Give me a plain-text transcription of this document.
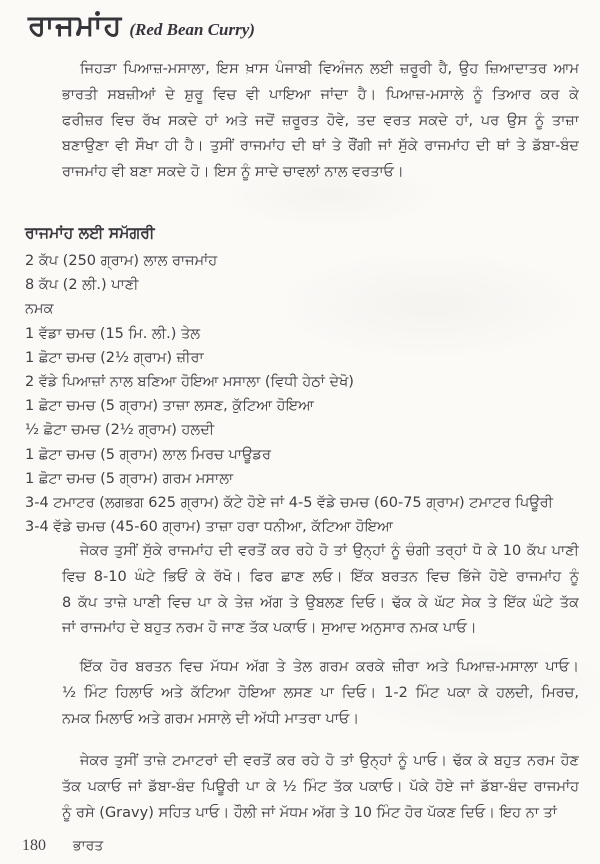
ਰਾਜਮਾਂਹ (Red Bean Curry)
ਜਿਹੜਾ ਪਿਆਜ਼-ਮਸਾਲਾ, ਇਸ ਖ਼ਾਸ ਪੰਜਾਬੀ ਵਿਅੰਜਨ ਲਈ ਜ਼ਰੂਰੀ ਹੈ, ਉਹ ਜ਼ਿਆਦਾਤਰ ਆਮ
ਭਾਰਤੀ ਸਬਜ਼ੀਆਂ ਦੇ ਸ਼ੁਰੂ ਵਿਚ ਵੀ ਪਾਇਆ ਜਾਂਦਾ ਹੈ। ਪਿਆਜ਼-ਮਸਾਲੇ ਨੂੰ ਤਿਆਰ ਕਰ ਕੇ
ਫਰੀਜ਼ਰ ਵਿਚ ਰੱਖ ਸਕਦੇ ਹਾਂ ਅਤੇ ਜਦੋਂ ਜ਼ਰੂਰਤ ਹੋਵੇ, ਤਦ ਵਰਤ ਸਕਦੇ ਹਾਂ, ਪਰ ਉਸ ਨੂੰ ਤਾਜ਼ਾ
ਬਣਾਉਣਾ ਵੀ ਸੌਖਾ ਹੀ ਹੈ। ਤੁਸੀਂ ਰਾਜਮਾਂਹ ਦੀ ਥਾਂ ਤੇ ਰੌਂਗੀ ਜਾਂ ਸੁੱਕੇ ਰਾਜਮਾਂਹ ਦੀ ਥਾਂ ਤੇ ਡੱਬਾ-ਬੰਦ
ਰਾਜਮਾਂਹ ਵੀ ਬਣਾ ਸਕਦੇ ਹੋ। ਇਸ ਨੂੰ ਸਾਦੇ ਚਾਵਲਾਂ ਨਾਲ ਵਰਤਾਓ।
ਰਾਜਮਾਂਹ ਲਈ ਸਮੱਗਰੀ
2 ਕੱਪ (250 ਗ੍ਰਾਮ) ਲਾਲ ਰਾਜਮਾਂਹ
8 ਕੱਪ (2 ਲੀ.) ਪਾਣੀ
ਨਮਕ
1 ਵੱਡਾ ਚਮਚ (15 ਮਿ. ਲੀ.) ਤੇਲ
1 ਛੋਟਾ ਚਮਚ (2½ ਗ੍ਰਾਮ) ਜ਼ੀਰਾ
2 ਵੱਡੇ ਪਿਆਜ਼ਾਂ ਨਾਲ ਬਣਿਆ ਹੋਇਆ ਮਸਾਲਾ (ਵਿਧੀ ਹੇਠਾਂ ਦੇਖੋ)
1 ਛੋਟਾ ਚਮਚ (5 ਗ੍ਰਾਮ) ਤਾਜ਼ਾ ਲਸਣ, ਕੁੱਟਿਆ ਹੋਇਆ
½ ਛੋਟਾ ਚਮਚ (2½ ਗ੍ਰਾਮ) ਹਲਦੀ
1 ਛੋਟਾ ਚਮਚ (5 ਗ੍ਰਾਮ) ਲਾਲ ਮਿਰਚ ਪਾਊਡਰ
1 ਛੋਟਾ ਚਮਚ (5 ਗ੍ਰਾਮ) ਗਰਮ ਮਸਾਲਾ
3-4 ਟਮਾਟਰ (ਲਗਭਗ 625 ਗ੍ਰਾਮ) ਕੱਟੇ ਹੋਏ ਜਾਂ 4-5 ਵੱਡੇ ਚਮਚ (60-75 ਗ੍ਰਾਮ) ਟਮਾਟਰ ਪਿਊਰੀ
3-4 ਵੱਡੇ ਚਮਚ (45-60 ਗ੍ਰਾਮ) ਤਾਜ਼ਾ ਹਰਾ ਧਨੀਆ, ਕੱਟਿਆ ਹੋਇਆ
ਜੇਕਰ ਤੁਸੀਂ ਸੁੱਕੇ ਰਾਜਮਾਂਹ ਦੀ ਵਰਤੋਂ ਕਰ ਰਹੇ ਹੋ ਤਾਂ ਉਨ੍ਹਾਂ ਨੂੰ ਚੰਗੀ ਤਰ੍ਹਾਂ ਧੋ ਕੇ 10 ਕੱਪ ਪਾਣੀ
ਵਿਚ 8-10 ਘੰਟੇ ਭਿਓਂ ਕੇ ਰੱਖੋ। ਫਿਰ ਛਾਣ ਲਓ। ਇੱਕ ਬਰਤਨ ਵਿਚ ਭਿੱਜੇ ਹੋਏ ਰਾਜਮਾਂਹ ਨੂੰ
8 ਕੱਪ ਤਾਜ਼ੇ ਪਾਣੀ ਵਿਚ ਪਾ ਕੇ ਤੇਜ਼ ਅੱਗ ਤੇ ਉਬਲਣ ਦਿਓ। ਢੱਕ ਕੇ ਘੱਟ ਸੇਕ ਤੇ ਇੱਕ ਘੰਟੇ ਤੱਕ
ਜਾਂ ਰਾਜਮਾਂਹ ਦੇ ਬਹੁਤ ਨਰਮ ਹੋ ਜਾਣ ਤੱਕ ਪਕਾਓ। ਸੁਆਦ ਅਨੁਸਾਰ ਨਮਕ ਪਾਓ।
ਇੱਕ ਹੋਰ ਬਰਤਨ ਵਿਚ ਮੱਧਮ ਅੱਗ ਤੇ ਤੇਲ ਗਰਮ ਕਰਕੇ ਜ਼ੀਰਾ ਅਤੇ ਪਿਆਜ਼-ਮਸਾਲਾ ਪਾਓ।
½ ਮਿੰਟ ਹਿਲਾਓ ਅਤੇ ਕੱਟਿਆ ਹੋਇਆ ਲਸਣ ਪਾ ਦਿਓ। 1-2 ਮਿੰਟ ਪਕਾ ਕੇ ਹਲਦੀ, ਮਿਰਚ,
ਨਮਕ ਮਿਲਾਓ ਅਤੇ ਗਰਮ ਮਸਾਲੇ ਦੀ ਅੱਧੀ ਮਾਤਰਾ ਪਾਓ।
ਜੇਕਰ ਤੁਸੀਂ ਤਾਜ਼ੇ ਟਮਾਟਰਾਂ ਦੀ ਵਰਤੋਂ ਕਰ ਰਹੇ ਹੋ ਤਾਂ ਉਨ੍ਹਾਂ ਨੂੰ ਪਾਓ। ਢੱਕ ਕੇ ਬਹੁਤ ਨਰਮ ਹੋਣ
ਤੱਕ ਪਕਾਓ ਜਾਂ ਡੱਬਾ-ਬੰਦ ਪਿਊਰੀ ਪਾ ਕੇ ½ ਮਿੰਟ ਤੱਕ ਪਕਾਓ। ਪੱਕੇ ਹੋਏ ਜਾਂ ਡੱਬਾ-ਬੰਦ ਰਾਜਮਾਂਹ
ਨੂੰ ਰਸੇ (Gravy) ਸਹਿਤ ਪਾਓ। ਹੌਲੀ ਜਾਂ ਮੱਧਮ ਅੱਗ ਤੇ 10 ਮਿੰਟ ਹੋਰ ਪੱਕਣ ਦਿਓ। ਇਹ ਨਾ ਤਾਂ
180 ਭਾਰਤ
